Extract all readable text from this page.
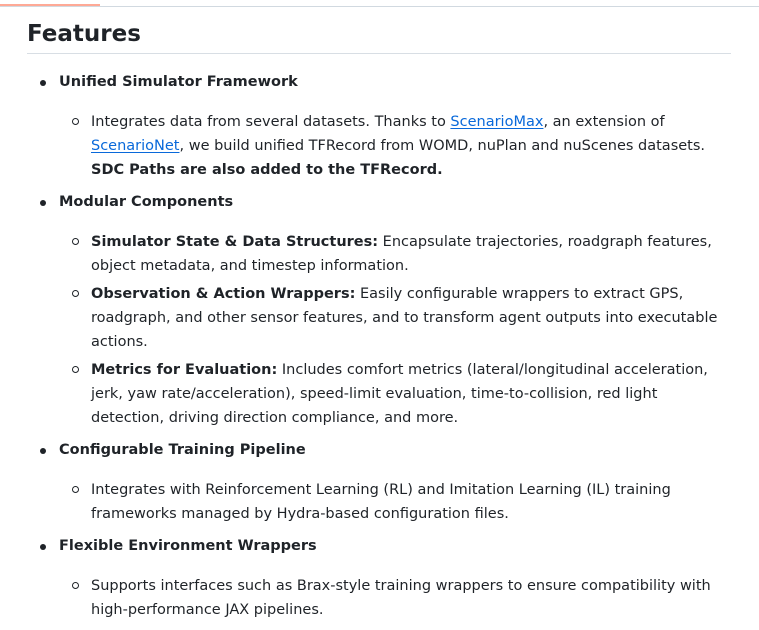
Features
Unified Simulator Framework
Integrates data from several datasets. Thanks to ScenarioMax, an extension of ScenarioNet, we build unified TFRecord from WOMD, nuPlan and nuScenes datasets. SDC Paths are also added to the TFRecord.
Modular Components
Simulator State & Data Structures: Encapsulate trajectories, roadgraph features, object metadata, and timestep information.
Observation & Action Wrappers: Easily configurable wrappers to extract GPS, roadgraph, and other sensor features, and to transform agent outputs into executable actions.
Metrics for Evaluation: Includes comfort metrics (lateral/longitudinal acceleration, jerk, yaw rate/acceleration), speed-limit evaluation, time-to-collision, red light detection, driving direction compliance, and more.
Configurable Training Pipeline
Integrates with Reinforcement Learning (RL) and Imitation Learning (IL) training frameworks managed by Hydra-based configuration files.
Flexible Environment Wrappers
Supports interfaces such as Brax-style training wrappers to ensure compatibility with high-performance JAX pipelines.
